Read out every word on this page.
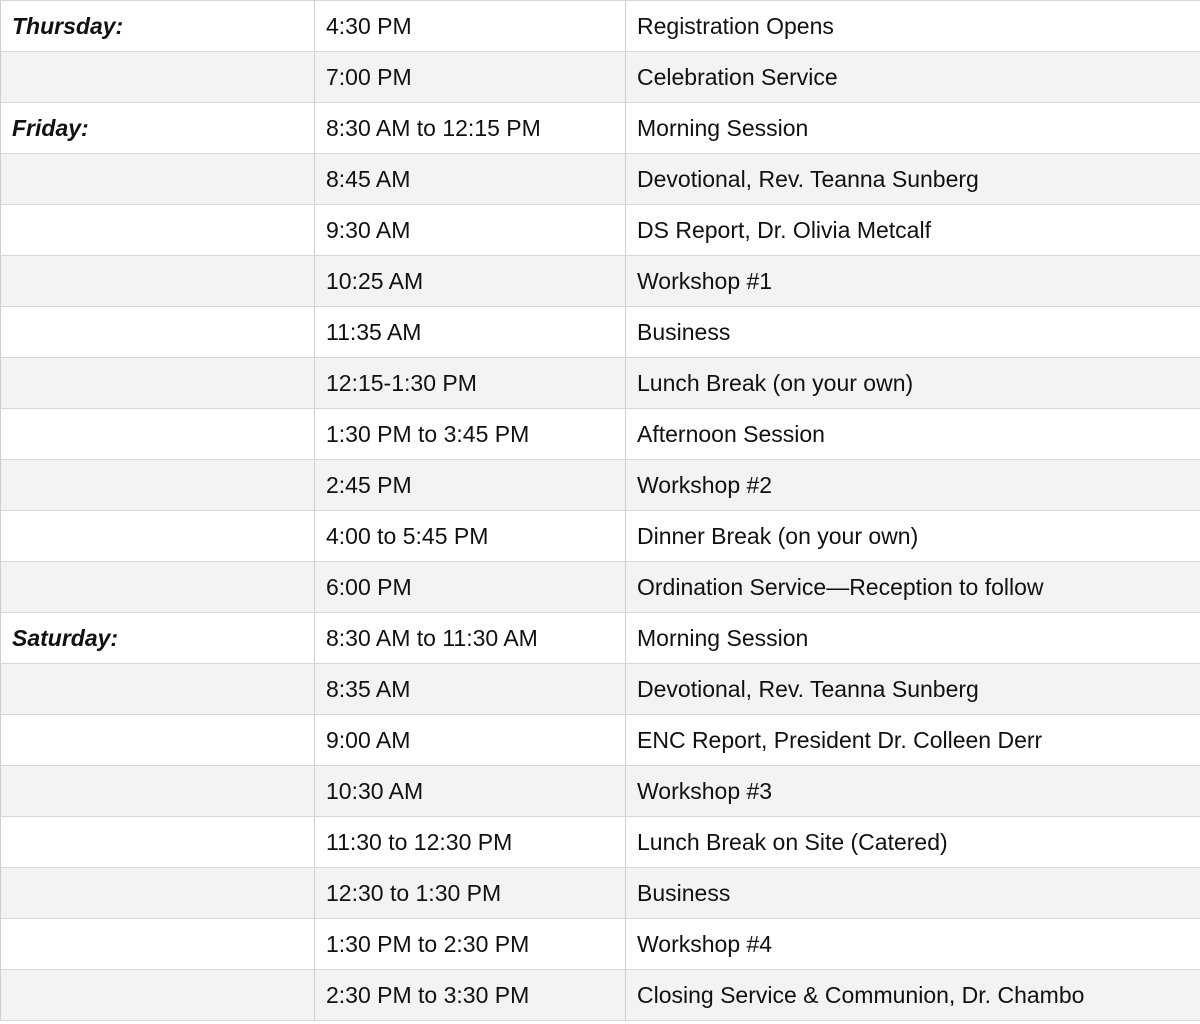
Thursday:	4:30 PM	Registration Opens
	7:00 PM	Celebration Service
Friday:	8:30 AM to 12:15 PM	Morning Session
	8:45 AM	Devotional, Rev. Teanna Sunberg
	9:30 AM	DS Report, Dr. Olivia Metcalf
	10:25 AM	Workshop #1
	11:35 AM	Business
	12:15-1:30 PM	Lunch Break (on your own)
	1:30 PM to 3:45 PM	Afternoon Session
	2:45 PM	Workshop #2
	4:00 to 5:45 PM	Dinner Break (on your own)
	6:00 PM	Ordination Service—Reception to follow
Saturday:	8:30 AM to 11:30 AM	Morning Session
	8:35 AM	Devotional, Rev. Teanna Sunberg
	9:00 AM	ENC Report, President Dr. Colleen Derr
	10:30 AM	Workshop #3
	11:30 to 12:30 PM	Lunch Break on Site (Catered)
	12:30 to 1:30 PM	Business
	1:30 PM to 2:30 PM	Workshop #4
	2:30 PM to 3:30 PM	Closing Service & Communion, Dr. Chambo
